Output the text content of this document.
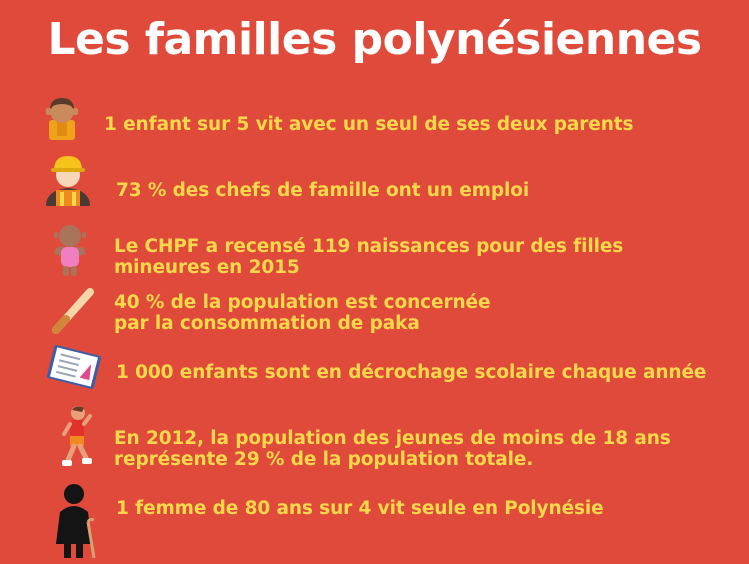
Les familles polynésiennes
1 enfant sur 5 vit avec un seul de ses deux parents
73 % des chefs de famille ont un emploi
Le CHPF a recensé 119 naissances pour des filles
mineures en 2015
40 % de la population est concernée
par la consommation de paka
1 000 enfants sont en décrochage scolaire chaque année
En 2012, la population des jeunes de moins de 18 ans
représente 29 % de la population totale.
1 femme de 80 ans sur 4 vit seule en Polynésie
